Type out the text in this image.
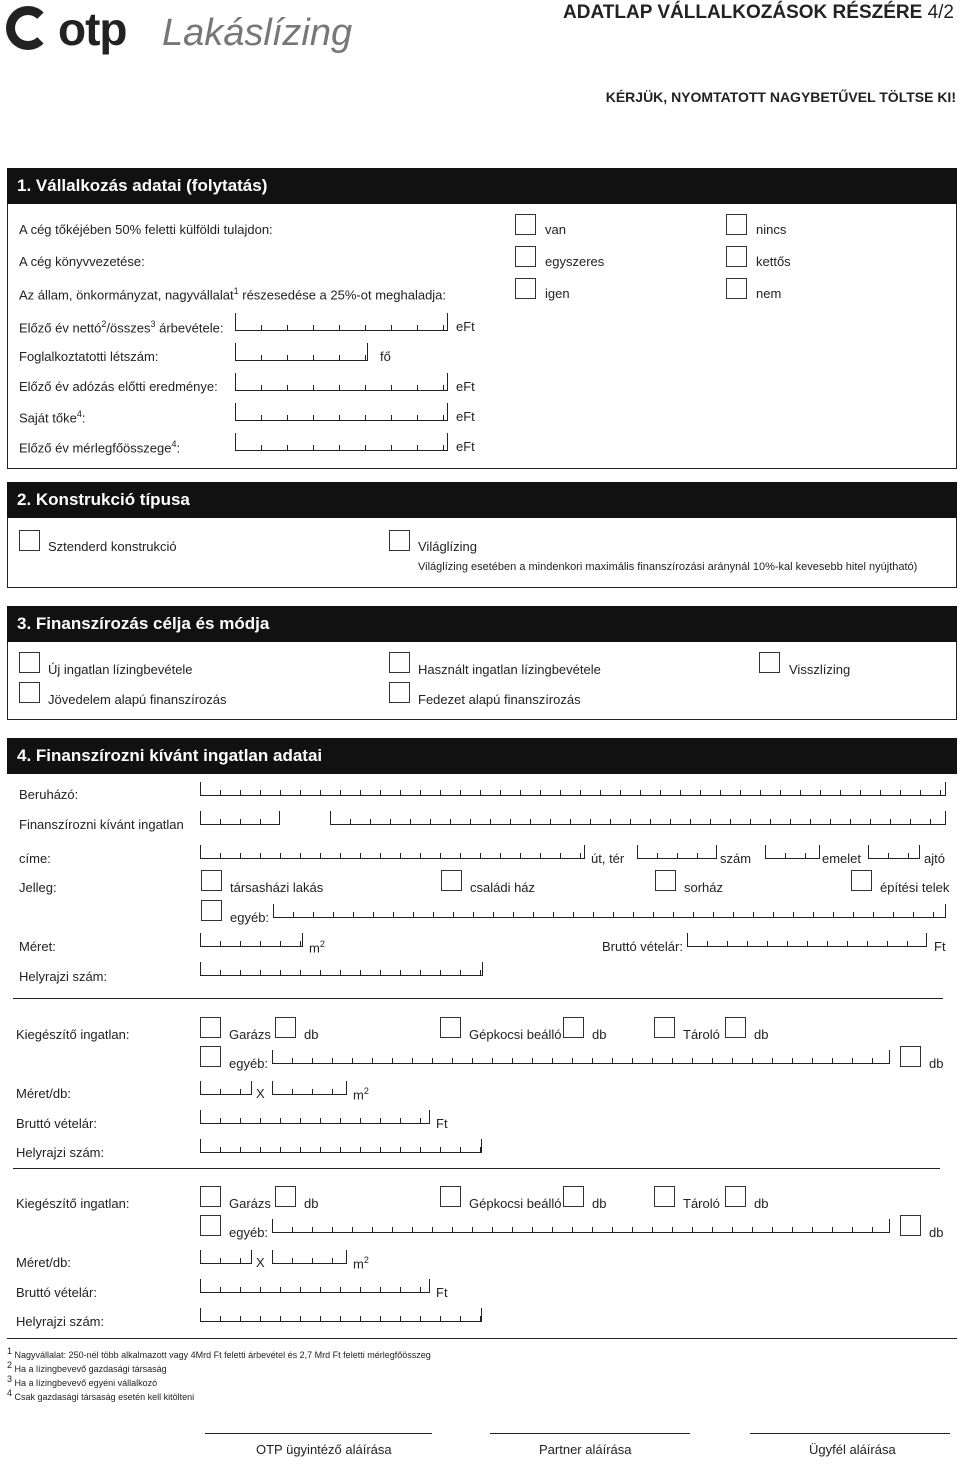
otp Lakáslízing	ADATLAP VÁLLALKOZÁSOK RÉSZÉRE 4/2
KÉRJÜK, NYOMTATOTT NAGYBETŰVEL TÖLTSE KI!
1. Vállalkozás adatai (folytatás)
A cég tőkéjében 50% feletti külföldi tulajdon:	van	nincs
A cég könyvvezetése:	egyszeres	kettős
Az állam, önkormányzat, nagyvállalat$^1$ részesedése a 25%-ot meghaladja:	igen	nem
Előző év nettó$^2$/összes$^3$ árbevétele:	eFt
Foglalkoztatotti létszám:	fő
Előző év adózás előtti eredménye:	eFt
Saját tőke$^4$:	eFt
Előző év mérlegfőösszege$^4$:	eFt
2. Konstrukció típusa
Sztenderd konstrukció	Világlízing
Világlízing esetében a mindenkori maximális finanszírozási aránynál 10%-kal kevesebb hitel nyújtható)
3. Finanszírozás célja és módja
Új ingatlan lízingbevétele	Használt ingatlan lízingbevétele	Visszlízing
Jövedelem alapú finanszírozás	Fedezet alapú finanszírozás
4. Finanszírozni kívánt ingatlan adatai
Beruházó:
Finanszírozni kívánt ingatlan
címe:	út, tér	szám	emelet	ajtó
Jelleg:	társasházi lakás	családi ház	sorház	építési telek
egyéb:
Méret:	$m^2$	Bruttó vételár:	Ft
Helyrajzi szám:
Kiegészítő ingatlan:	Garázs	db	Gépkocsi beálló db	Tároló	db
egyéb:	db
Méret/db:	X	$m^2$
Bruttó vételár:	Ft
Helyrajzi szám:
Kiegészítő ingatlan:	Garázs	db	Gépkocsi beálló db	Tároló	db
egyéb:	db
Méret/db:	X	$m^2$
Bruttó vételár:	Ft
Helyrajzi szám:
$^1$ Nagyvállalat: 250-nél több alkalmazott vagy 4Mrd Ft feletti árbevétel és 2,7 Mrd Ft feletti mérlegfőösszeg
$^2$ Ha a lízingbevevő gazdasági társaság
$^3$ Ha a lízingbevevő egyéni vállalkozó
$^4$ Csak gazdasági társaság esetén kell kitölteni
OTP ügyintéző aláírása	Partner aláírása	Ügyfél aláírása
